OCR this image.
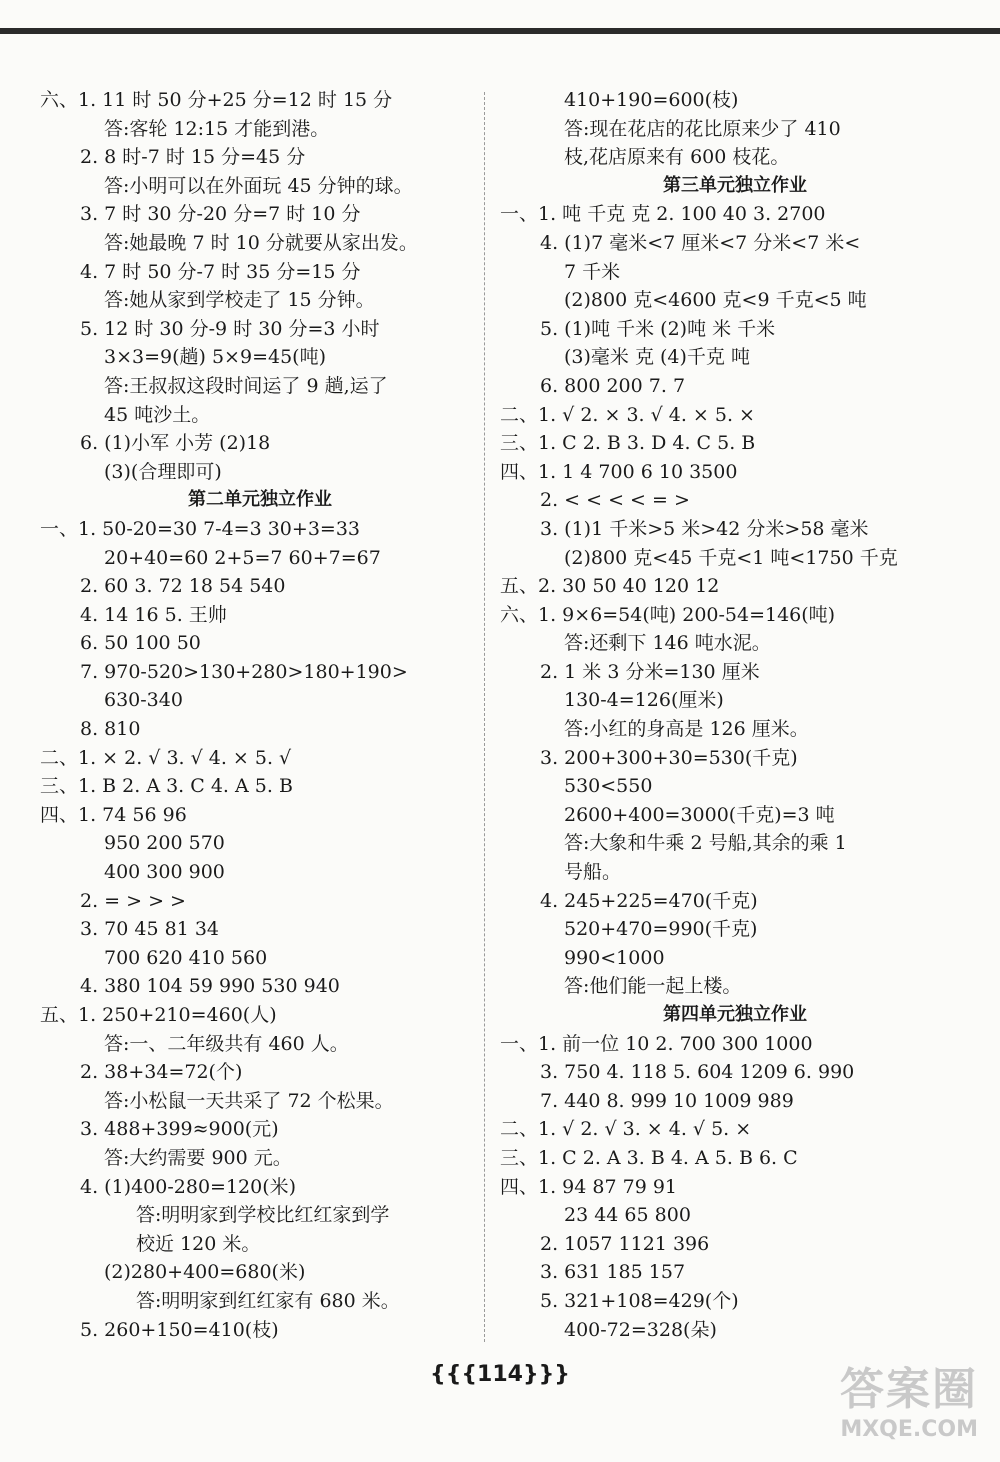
六、1. 11 时 50 分+25 分=12 时 15 分
答:客轮 12:15 才能到港。
2. 8 时-7 时 15 分=45 分
答:小明可以在外面玩 45 分钟的球。
3. 7 时 30 分-20 分=7 时 10 分
答:她最晚 7 时 10 分就要从家出发。
4. 7 时 50 分-7 时 35 分=15 分
答:她从家到学校走了 15 分钟。
5. 12 时 30 分-9 时 30 分=3 小时
3×3=9(趟) 5×9=45(吨)
答:王叔叔这段时间运了 9 趟,运了
45 吨沙土。
6. (1)小军 小芳 (2)18
(3)(合理即可)
第二单元独立作业
一、1. 50-20=30 7-4=3 30+3=33
20+40=60 2+5=7 60+7=67
2. 60 3. 72 18 54 540
4. 14 16 5. 王帅
6. 50 100 50
7. 970-520>130+280>180+190>
630-340
8. 810
二、1. × 2. √ 3. √ 4. × 5. √
三、1. B 2. A 3. C 4. A 5. B
四、1. 74 56 96
950 200 570
400 300 900
2. = > > >
3. 70 45 81 34
700 620 410 560
4. 380 104 59 990 530 940
五、1. 250+210=460(人)
答:一、二年级共有 460 人。
2. 38+34=72(个)
答:小松鼠一天共采了 72 个松果。
3. 488+399≈900(元)
答:大约需要 900 元。
4. (1)400-280=120(米)
答:明明家到学校比红红家到学
校近 120 米。
(2)280+400=680(米)
答:明明家到红红家有 680 米。
5. 260+150=410(枝)
410+190=600(枝)
答:现在花店的花比原来少了 410
枝,花店原来有 600 枝花。
第三单元独立作业
一、1. 吨 千克 克 2. 100 40 3. 2700
4. (1)7 毫米<7 厘米<7 分米<7 米<
7 千米
(2)800 克<4600 克<9 千克<5 吨
5. (1)吨 千米 (2)吨 米 千米
(3)毫米 克 (4)千克 吨
6. 800 200 7. 7
二、1. √ 2. × 3. √ 4. × 5. ×
三、1. C 2. B 3. D 4. C 5. B
四、1. 1 4 700 6 10 3500
2. < < < < = >
3. (1)1 千米>5 米>42 分米>58 毫米
(2)800 克<45 千克<1 吨<1750 千克
五、2. 30 50 40 120 12
六、1. 9×6=54(吨) 200-54=146(吨)
答:还剩下 146 吨水泥。
2. 1 米 3 分米=130 厘米
130-4=126(厘米)
答:小红的身高是 126 厘米。
3. 200+300+30=530(千克)
530<550
2600+400=3000(千克)=3 吨
答:大象和牛乘 2 号船,其余的乘 1
号船。
4. 245+225=470(千克)
520+470=990(千克)
990<1000
答:他们能一起上楼。
第四单元独立作业
一、1. 前一位 10 2. 700 300 1000
3. 750 4. 118 5. 604 1209 6. 990
7. 440 8. 999 10 1009 989
二、1. √ 2. √ 3. × 4. √ 5. ×
三、1. C 2. A 3. B 4. A 5. B 6. C
四、1. 94 87 79 91
23 44 65 800
2. 1057 1121 396
3. 631 185 157
5. 321+108=429(个)
400-72=328(朵)
{{{114}}}	答案圈
MXQE.COM
